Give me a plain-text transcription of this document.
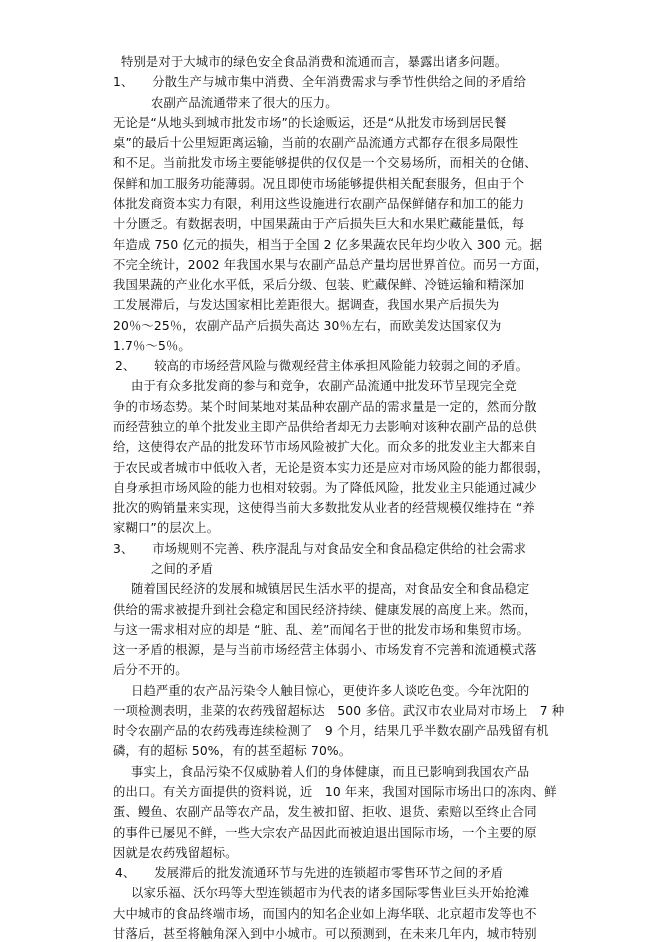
特别是对于大城市的绿色安全食品消费和流通而言，暴露出诸多问题。
1、　　分散生产与城市集中消费、全年消费需求与季节性供给之间的矛盾给
农副产品流通带来了很大的压力。
无论是“从地头到城市批发市场”的长途贩运，还是“从批发市场到居民餐
桌”的最后十公里短距离运输，当前的农副产品流通方式都存在很多局限性
和不足。当前批发市场主要能够提供的仅仅是一个交易场所，而相关的仓储、
保鲜和加工服务功能薄弱。况且即使市场能够提供相关配套服务，但由于个
体批发商资本实力有限，利用这些设施进行农副产品保鲜储存和加工的能力
十分匮乏。有数据表明，中国果蔬由于产后损失巨大和水果贮藏能量低，每
年造成 750 亿元的损失，相当于全国 2 亿多果蔬农民年均少收入 300 元。据
不完全统计，2002 年我国水果与农副产品总产量均居世界首位。而另一方面，
我国果蔬的产业化水平低，采后分级、包装、贮藏保鲜、冷链运输和精深加
工发展滞后，与发达国家相比差距很大。据调查，我国水果产后损失为
20％～25％，农副产品产后损失高达 30％左右，而欧美发达国家仅为
1.7％～5％。
2、　　较高的市场经营风险与微观经营主体承担风险能力较弱之间的矛盾。
由于有众多批发商的参与和竞争，农副产品流通中批发环节呈现完全竞
争的市场态势。某个时间某地对某品种农副产品的需求量是一定的，然而分散
而经营独立的单个批发业主即产品供给者却无力去影响对该种农副产品的总供
给，这使得农产品的批发环节市场风险被扩大化。而众多的批发业主大都来自
于农民或者城市中低收入者，无论是资本实力还是应对市场风险的能力都很弱，
自身承担市场风险的能力也相对较弱。为了降低风险，批发业主只能通过减少
批次的购销量来实现，这使得当前大多数批发从业者的经营规模仅维持在 “养
家糊口”的层次上。
3、　　市场规则不完善、秩序混乱与对食品安全和食品稳定供给的社会需求
之间的矛盾
随着国民经济的发展和城镇居民生活水平的提高，对食品安全和食品稳定
供给的需求被提升到社会稳定和国民经济持续、健康发展的高度上来。然而，
与这一需求相对应的却是 “脏、乱、差”而闻名于世的批发市场和集贸市场。
这一矛盾的根源，是与当前市场经营主体弱小、市场发育不完善和流通模式落
后分不开的。
日趋严重的农产品污染令人触目惊心，更使许多人谈吃色变。今年沈阳的
一项检测表明，韭菜的农药残留超标达　500 多倍。武汉市农业局对市场上　7 种
时令农副产品的农药残毒连续检测了　9 个月，结果几乎半数农副产品残留有机
磷，有的超标 50%，有的甚至超标 70%。
事实上，食品污染不仅威胁着人们的身体健康，而且已影响到我国农产品
的出口。有关方面提供的资料说，近　10 年来，我国对国际市场出口的冻肉、鲜
蛋、鳗鱼、农副产品等农产品，发生被扣留、拒收、退货、索赔以至终止合同
的事件已屡见不鲜，一些大宗农产品因此而被迫退出国际市场，一个主要的原
因就是农药残留超标。
4、　　发展滞后的批发流通环节与先进的连锁超市零售环节之间的矛盾
以家乐福、沃尔玛等大型连锁超市为代表的诸多国际零售业巨头开始抢滩
大中城市的食品终端市场，而国内的知名企业如上海华联、北京超市发等也不
甘落后，甚至将触角深入到中小城市。可以预测到，在未来几年内，城市特别
